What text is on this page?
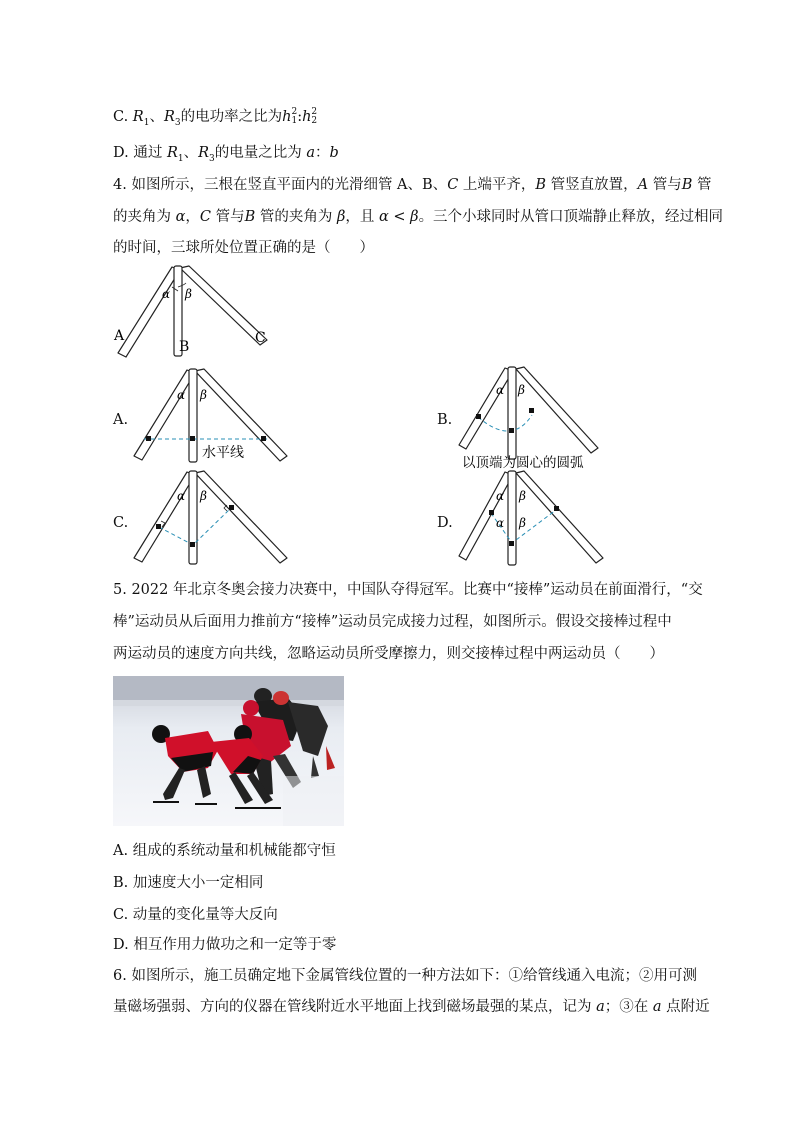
C. $R_1$、$R_3$的电功率之比为h 2
1 :h 2
2
D. 通过 $R_1$、$R_3$的电量之比为 a：b
4. 如图所示，三根在竖直平面内的光滑细管 A、B、C 上端平齐，B 管竖直放置，A 管与B 管
的夹角为 α，C 管与B 管的夹角为 β，且 α < β。三个小球同时从管口顶端静止释放，经过相同
的时间，三球所处位置正确的是（　　）
α β
A
B
C
A.
α β
水平线
B.
α β
以顶端为圆心的圆弧
C.
α β
D.
α β
α β
5. 2022 年北京冬奥会接力决赛中，中国队夺得冠军。比赛中“接棒”运动员在前面滑行，“交
棒”运动员从后面用力推前方“接棒”运动员完成接力过程，如图所示。假设交接棒过程中
两运动员的速度方向共线，忽略运动员所受摩擦力，则交接棒过程中两运动员（　　）
A. 组成的系统动量和机械能都守恒
B. 加速度大小一定相同
C. 动量的变化量等大反向
D. 相互作用力做功之和一定等于零
6. 如图所示，施工员确定地下金属管线位置的一种方法如下：①给管线通入电流；②用可测
量磁场强弱、方向的仪器在管线附近水平地面上找到磁场最强的某点，记为 a；③在 a 点附近
